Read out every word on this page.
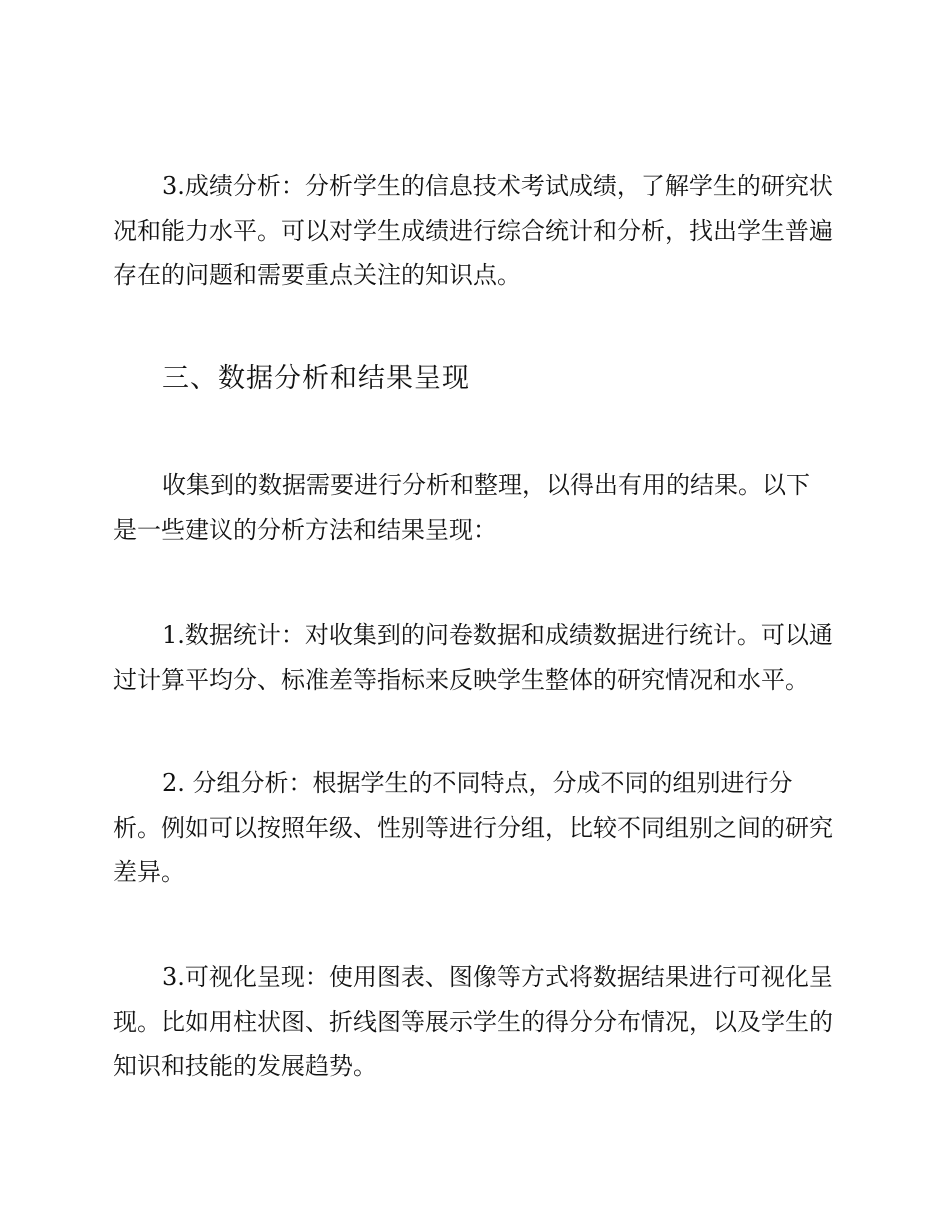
3.成绩分析：分析学生的信息技术考试成绩，了解学生的研究状况和能力水平。可以对学生成绩进行综合统计和分析，找出学生普遍存在的问题和需要重点关注的知识点。

三、数据分析和结果呈现

收集到的数据需要进行分析和整理，以得出有用的结果。以下是一些建议的分析方法和结果呈现：

1.数据统计：对收集到的问卷数据和成绩数据进行统计。可以通过计算平均分、标准差等指标来反映学生整体的研究情况和水平。

2. 分组分析：根据学生的不同特点，分成不同的组别进行分析。例如可以按照年级、性别等进行分组，比较不同组别之间的研究差异。

3.可视化呈现：使用图表、图像等方式将数据结果进行可视化呈现。比如用柱状图、折线图等展示学生的得分分布情况，以及学生的知识和技能的发展趋势。
